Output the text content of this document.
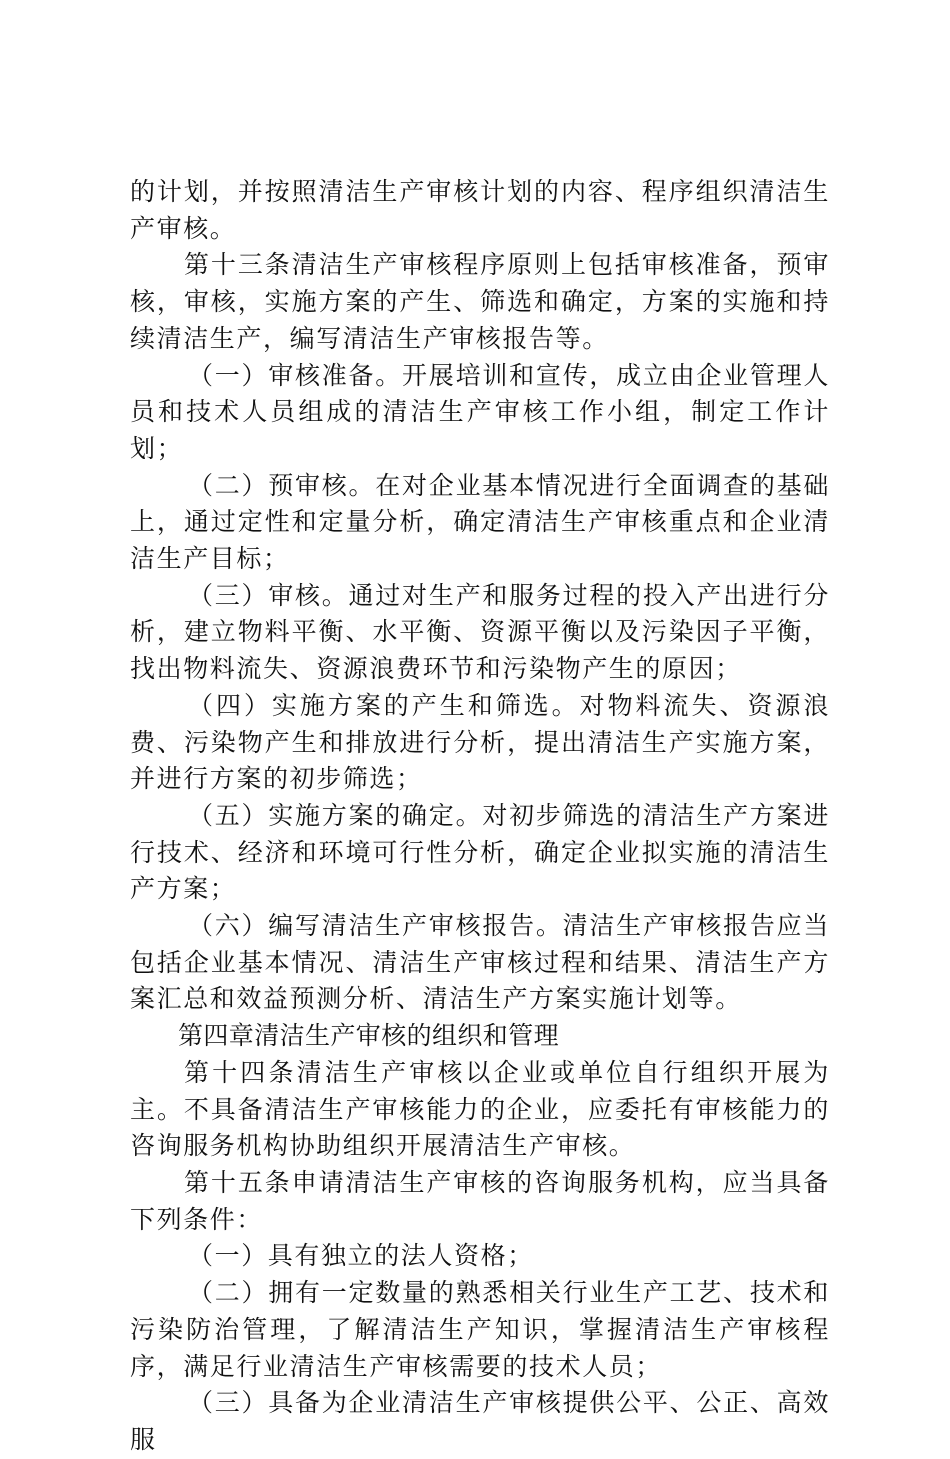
的计划，并按照清洁生产审核计划的内容、程序组织清洁生产审核。

第十三条清洁生产审核程序原则上包括审核准备，预审核，审核，实施方案的产生、筛选和确定，方案的实施和持续清洁生产，编写清洁生产审核报告等。

（一）审核准备。开展培训和宣传，成立由企业管理人员和技术人员组成的清洁生产审核工作小组，制定工作计划；

（二）预审核。在对企业基本情况进行全面调查的基础上，通过定性和定量分析，确定清洁生产审核重点和企业清洁生产目标；

（三）审核。通过对生产和服务过程的投入产出进行分析，建立物料平衡、水平衡、资源平衡以及污染因子平衡，找出物料流失、资源浪费环节和污染物产生的原因；

（四）实施方案的产生和筛选。对物料流失、资源浪费、污染物产生和排放进行分析，提出清洁生产实施方案，并进行方案的初步筛选；

（五）实施方案的确定。对初步筛选的清洁生产方案进行技术、经济和环境可行性分析，确定企业拟实施的清洁生产方案；

（六）编写清洁生产审核报告。清洁生产审核报告应当包括企业基本情况、清洁生产审核过程和结果、清洁生产方案汇总和效益预测分析、清洁生产方案实施计划等。

第四章清洁生产审核的组织和管理

第十四条清洁生产审核以企业或单位自行组织开展为主。不具备清洁生产审核能力的企业，应委托有审核能力的咨询服务机构协助组织开展清洁生产审核。

第十五条申请清洁生产审核的咨询服务机构，应当具备下列条件：

（一）具有独立的法人资格；

（二）拥有一定数量的熟悉相关行业生产工艺、技术和污染防治管理，了解清洁生产知识，掌握清洁生产审核程序，满足行业清洁生产审核需要的技术人员；

（三）具备为企业清洁生产审核提供公平、公正、高效服
